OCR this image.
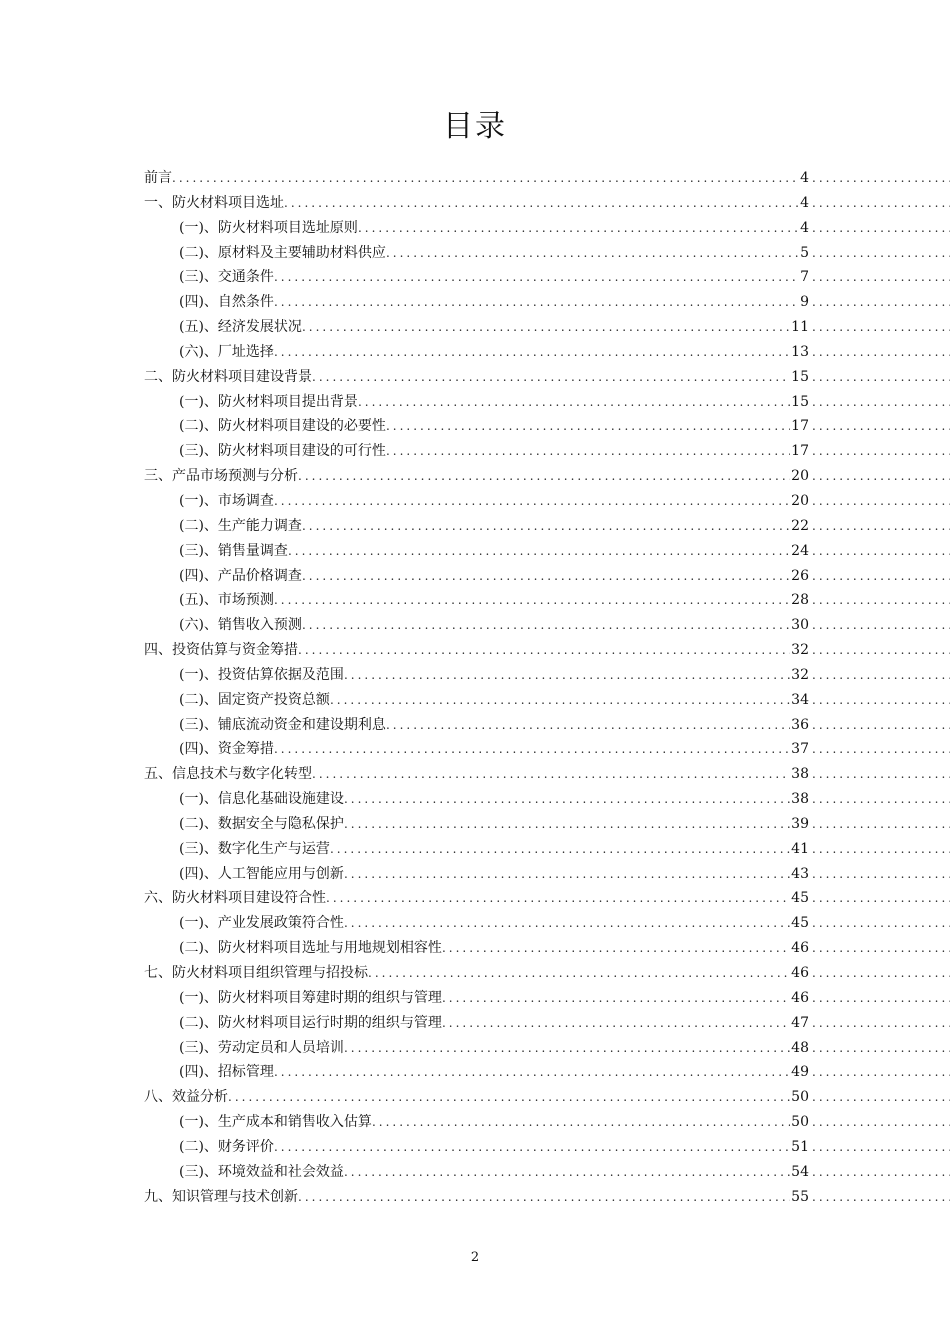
目录
前言 .....	4
.....
一、防火材料项目选址 .....	4
.....
(一)、防火材料项目选址原则 .....	4
.....
(二)、原材料及主要辅助材料供应 .....	5
.....
(三)、交通条件 .....	7
.....
(四)、自然条件 .....	9
.....
(五)、经济发展状况 .....	11
.....
(六)、厂址选择 .....	13
.....
二、防火材料项目建设背景 .....	15
.....
(一)、防火材料项目提出背景 .....	15
.....
(二)、防火材料项目建设的必要性 .....	17
.....
(三)、防火材料项目建设的可行性 .....	17
.....
三、产品市场预测与分析 .....	20
.....
(一)、市场调查 .....	20
.....
(二)、生产能力调查 .....	22
.....
(三)、销售量调查 .....	24
.....
(四)、产品价格调查 .....	26
.....
(五)、市场预测 .....	28
.....
(六)、销售收入预测 .....	30
.....
四、投资估算与资金筹措 .....	32
.....
(一)、投资估算依据及范围 .....	32
.....
(二)、固定资产投资总额 .....	34
.....
(三)、铺底流动资金和建设期利息 .....	36
.....
(四)、资金筹措 .....	37
.....
五、信息技术与数字化转型 .....	38
.....
(一)、信息化基础设施建设 .....	38
.....
(二)、数据安全与隐私保护 .....	39
.....
(三)、数字化生产与运营 .....	41
.....
(四)、人工智能应用与创新 .....	43
.....
六、防火材料项目建设符合性 .....	45
.....
(一)、产业发展政策符合性 .....	45
.....
(二)、防火材料项目选址与用地规划相容性 .....	46
.....
七、防火材料项目组织管理与招投标 .....	46
.....
(一)、防火材料项目筹建时期的组织与管理 .....	46
.....
(二)、防火材料项目运行时期的组织与管理 .....	47
.....
(三)、劳动定员和人员培训 .....	48
.....
(四)、招标管理 .....	49
.....
八、效益分析 .....	50
.....
(一)、生产成本和销售收入估算 .....	50
.....
(二)、财务评价 .....	51
.....
(三)、环境效益和社会效益 .....	54
.....
九、知识管理与技术创新 .....	55
.....
2
